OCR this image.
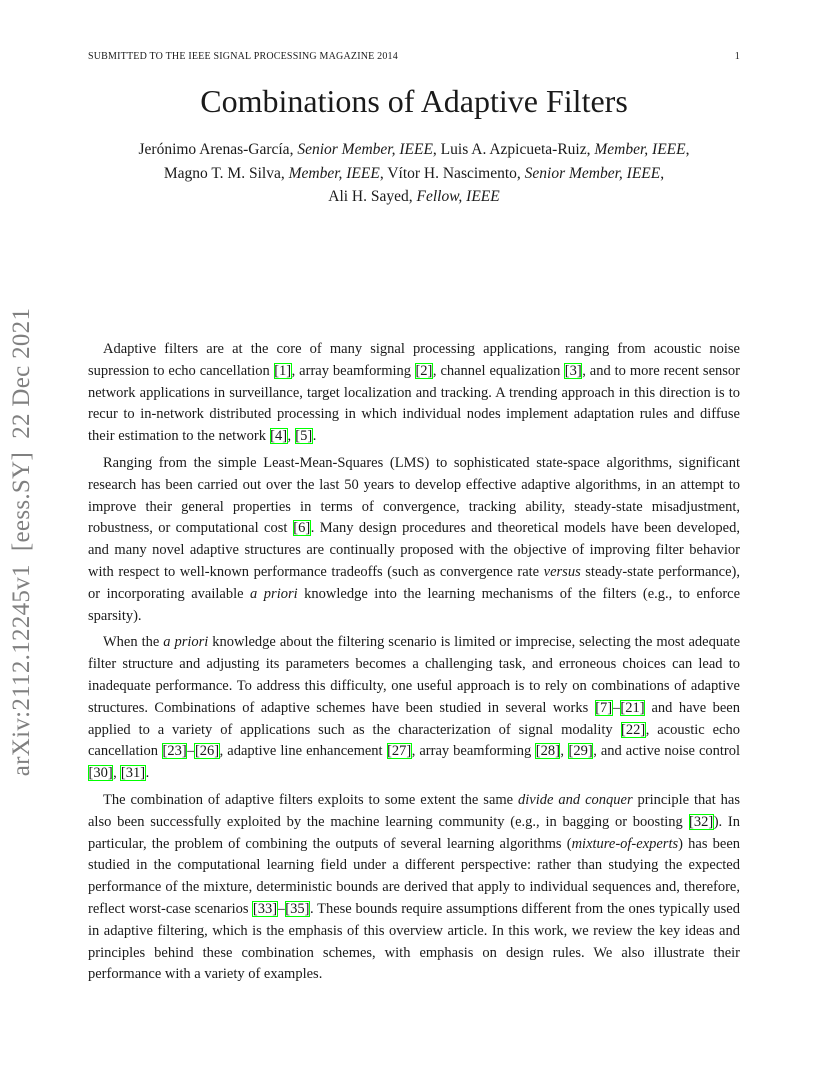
SUBMITTED TO THE IEEE SIGNAL PROCESSING MAGAZINE 2014	1
Combinations of Adaptive Filters
Jerónimo Arenas-García, Senior Member, IEEE, Luis A. Azpicueta-Ruiz, Member, IEEE,
Magno T. M. Silva, Member, IEEE, Vítor H. Nascimento, Senior Member, IEEE,
Ali H. Sayed, Fellow, IEEE
arXiv:2112.12245v1  [eess.SY]  22 Dec 2021	Adaptive filters are at the core of many signal processing applications, ranging from acoustic noise supression to echo cancellation [1], array beamforming [2], channel equalization [3], and to more recent sensor network applications in surveillance, target localization and tracking. A trending approach in this direction is to recur to in-network distributed processing in which individual nodes implement adaptation rules and diffuse their estimation to the network [4], [5].

Ranging from the simple Least-Mean-Squares (LMS) to sophisticated state-space algorithms, significant research has been carried out over the last 50 years to develop effective adaptive algorithms, in an attempt to improve their general properties in terms of convergence, tracking ability, steady-state misadjustment, robustness, or computational cost [6]. Many design procedures and theoretical models have been developed, and many novel adaptive structures are continually proposed with the objective of improving filter behavior with respect to well-known performance tradeoffs (such as convergence rate versus steady-state performance), or incorporating available a priori knowledge into the learning mechanisms of the filters (e.g., to enforce sparsity).

When the a priori knowledge about the filtering scenario is limited or imprecise, selecting the most adequate filter structure and adjusting its parameters becomes a challenging task, and erroneous choices can lead to inadequate performance. To address this difficulty, one useful approach is to rely on combinations of adaptive structures. Combinations of adaptive schemes have been studied in several works [7]–[21] and have been applied to a variety of applications such as the characterization of signal modality [22], acoustic echo cancellation [23]–[26], adaptive line enhancement [27], array beamforming [28], [29], and active noise control [30], [31].

The combination of adaptive filters exploits to some extent the same divide and conquer principle that has also been successfully exploited by the machine learning community (e.g., in bagging or boosting [32]). In particular, the problem of combining the outputs of several learning algorithms (mixture-of-experts) has been studied in the computational learning field under a different perspective: rather than studying the expected performance of the mixture, deterministic bounds are derived that apply to individual sequences and, therefore, reflect worst-case scenarios [33]–[35]. These bounds require assumptions different from the ones typically used in adaptive filtering, which is the emphasis of this overview article. In this work, we review the key ideas and principles behind these combination schemes, with emphasis on design rules. We also illustrate their performance with a variety of examples.
